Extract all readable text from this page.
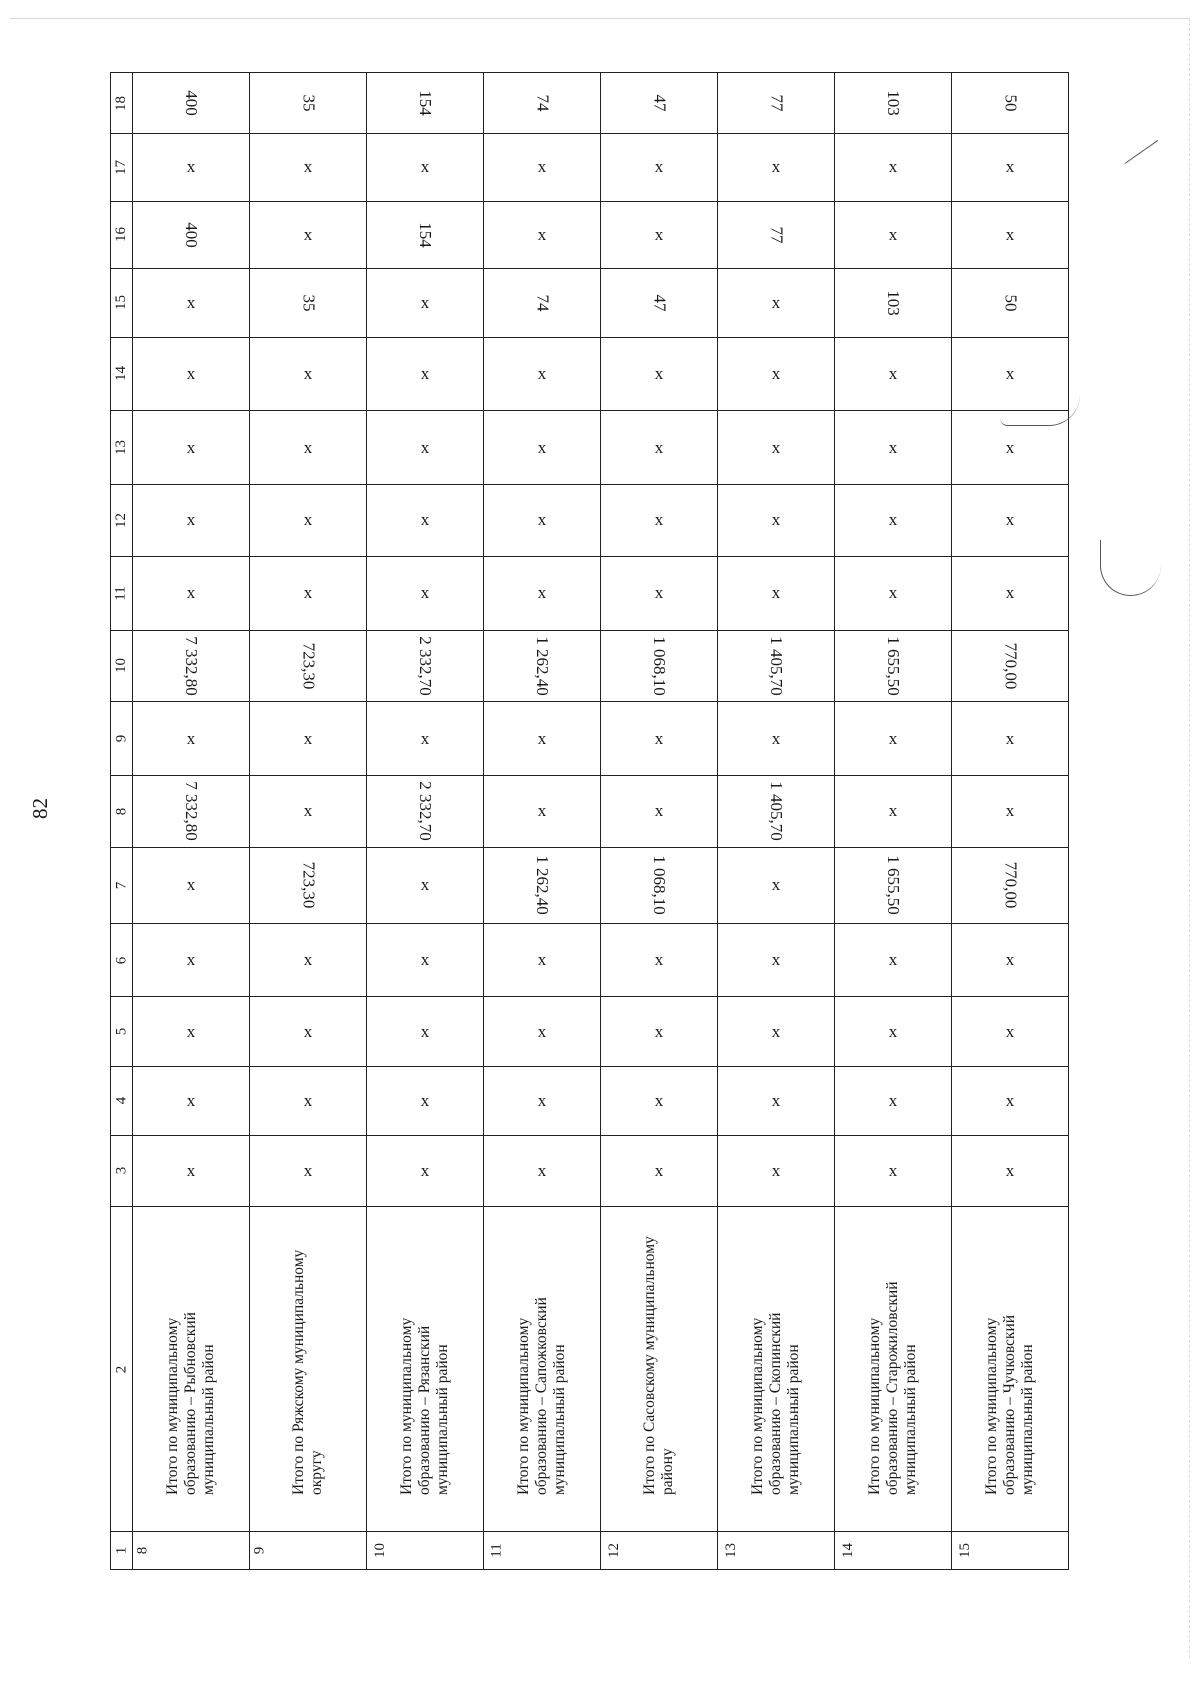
82
18	400	35	154	74	47	77	103	50
17	x	x	x	x	x	x	x	x
16	400	x	154	x	x	77	x	x
15	x	35	x	74	47	x	103	50
14	x	x	x	x	x	x	x	x
13	x	x	x	x	x	x	x	x
12	x	x	x	x	x	x	x	x
11	x	x	x	x	x	x	x	x
10	7 332,80	723,30	2 332,70	1 262,40	1 068,10	1 405,70	1 655,50	770,00
9	x	x	x	x	x	x	x	x
8	7 332,80	x	2 332,70	x	x	1 405,70	x	x
7	x	723,30	x	1 262,40	1 068,10	x	1 655,50	770,00
6	x	x	x	x	x	x	x	x
5	x	x	x	x	x	x	x	x
4	x	x	x	x	x	x	x	x
3	x	x	x	x	x	x	x	x
2	Итого по муниципальному образованию – Рыбновский муниципальный район	Итого по Ряжскому муниципальному округу	Итого по муниципальному образованию – Рязанский муниципальный район	Итого по муниципальному образованию – Сапожковский муниципальный район	Итого по Сасовскому муниципальному району	Итого по муниципальному образованию – Скопинский муниципальный район	Итого по муниципальному образованию – Старожиловский муниципальный район	Итого по муниципальному образованию – Чучковский муниципальный район

1	8	9	10	11	12	13	14	15
